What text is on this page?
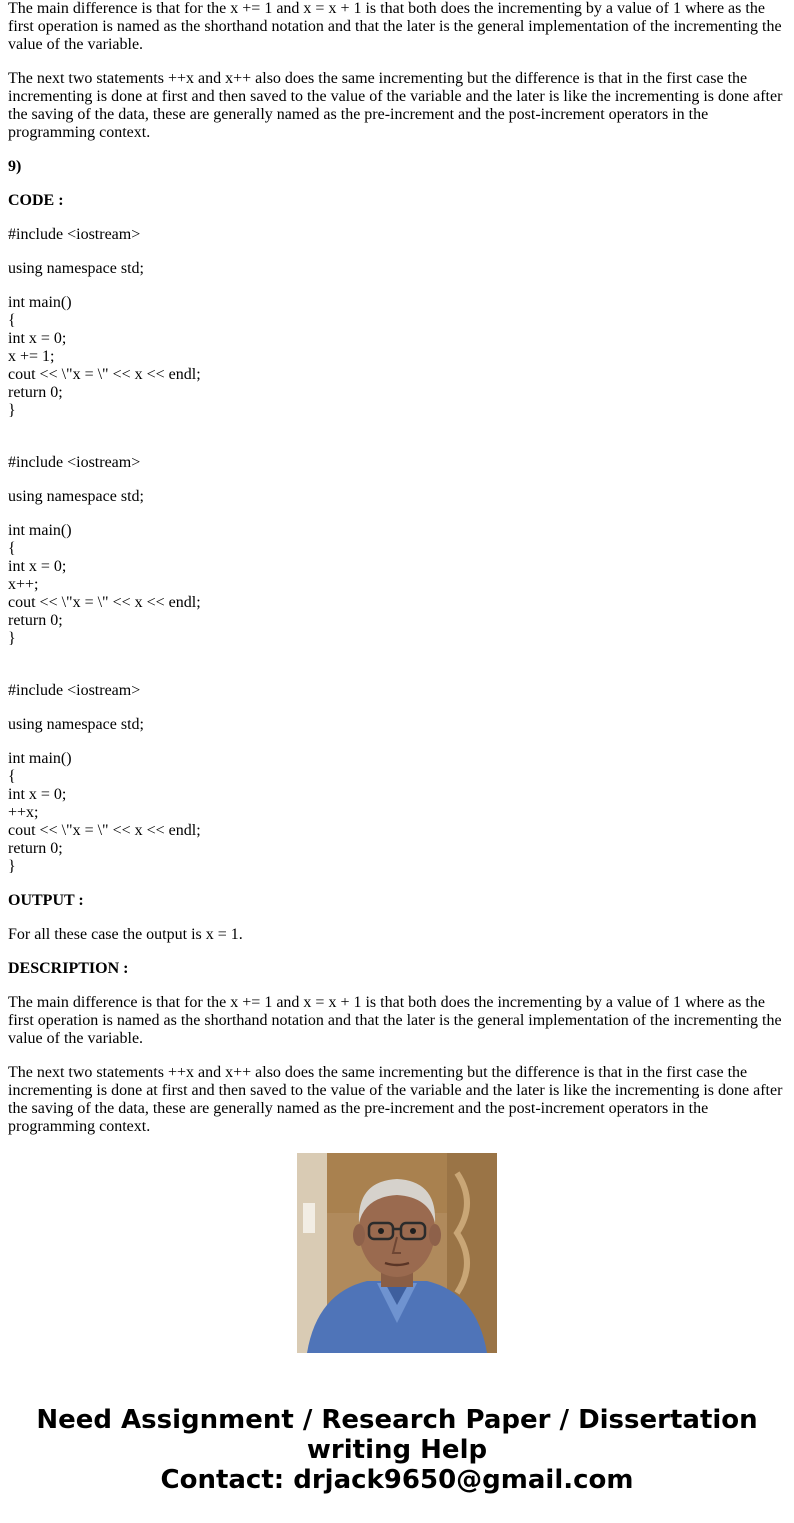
The main difference is that for the x += 1 and x = x + 1 is that both does the incrementing by a value of 1 where as the first operation is named as the shorthand notation and that the later is the general implementation of the incrementing the value of the variable.

The next two statements ++x and x++ also does the same incrementing but the difference is that in the first case the incrementing is done at first and then saved to the value of the variable and the later is like the incrementing is done after the saving of the data, these are generally named as the pre-increment and the post-increment operators in the programming context.

9)

CODE :

#include <iostream>
using namespace std;
int main()
{
int x = 0;
x += 1;
cout << \"x = \" << x << endl;
return 0;
}
#include <iostream>
using namespace std;
int main()
{
int x = 0;
x++;
cout << \"x = \" << x << endl;
return 0;
}
#include <iostream>
using namespace std;
int main()
{
int x = 0;
++x;
cout << \"x = \" << x << endl;
return 0;
}

OUTPUT :

For all these case the output is x = 1.

DESCRIPTION :

The main difference is that for the x += 1 and x = x + 1 is that both does the incrementing by a value of 1 where as the first operation is named as the shorthand notation and that the later is the general implementation of the incrementing the value of the variable.

The next two statements ++x and x++ also does the same incrementing but the difference is that in the first case the incrementing is done at first and then saved to the value of the variable and the later is like the incrementing is done after the saving of the data, these are generally named as the pre-increment and the post-increment operators in the programming context.

Need Assignment / Research Paper / Dissertation
writing Help
Contact: drjack9650@gmail.com
